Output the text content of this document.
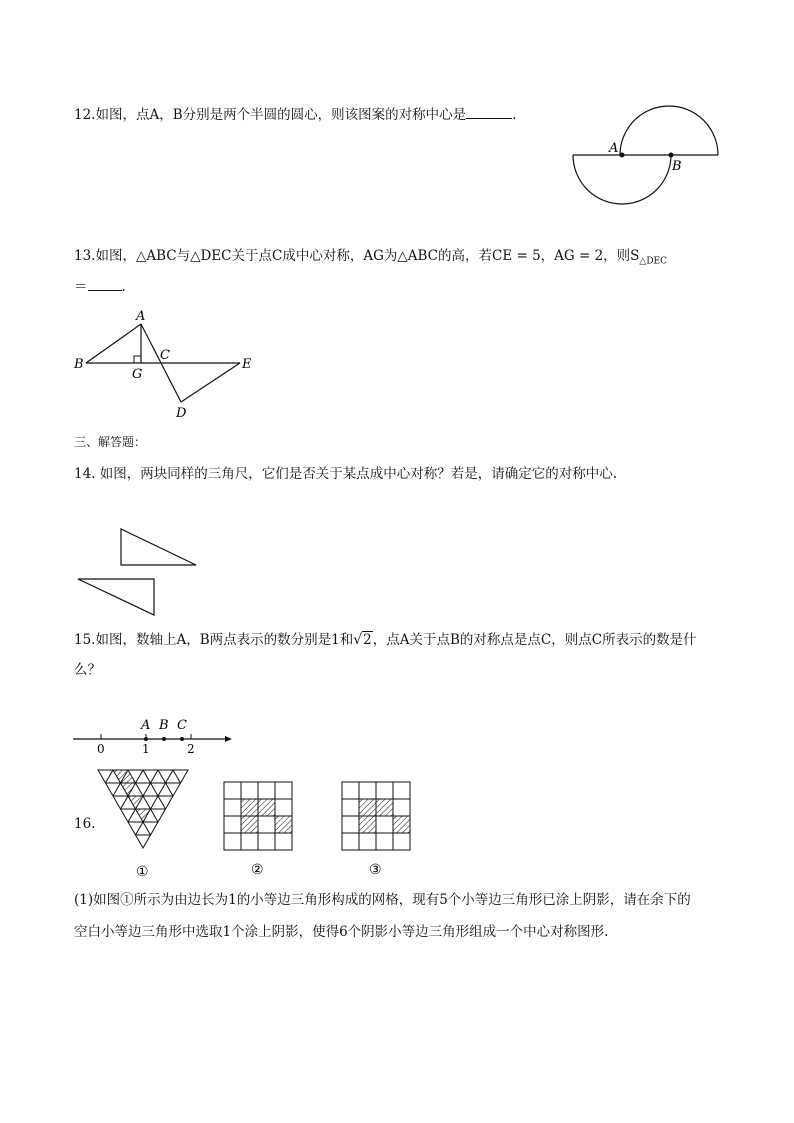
12.如图，点A，B分别是两个半圆的圆心，则该图案的对称中心是	.
A
B
13.如图，△ABC与△DEC关于点C成中心对称，AG为△ABC的高，若CE = 5，AG = 2，则$S_{\triangle DEC}$
＝	.
A
B
C
E
D
G
三、解答题：
14. 如图，两块同样的三角尺，它们是否关于某点成中心对称？若是，请确定它的对称中心.
15.如图，数轴上A，B两点表示的数分别是1和√2，点A关于点B的对称点是点C，则点C所表示的数是什
么？
A B C
0	1	2
16.
①	②	③
(1)如图①所示为由边长为1的小等边三角形构成的网格，现有5个小等边三角形已涂上阴影，请在余下的
空白小等边三角形中选取1个涂上阴影，使得6个阴影小等边三角形组成一个中心对称图形.
